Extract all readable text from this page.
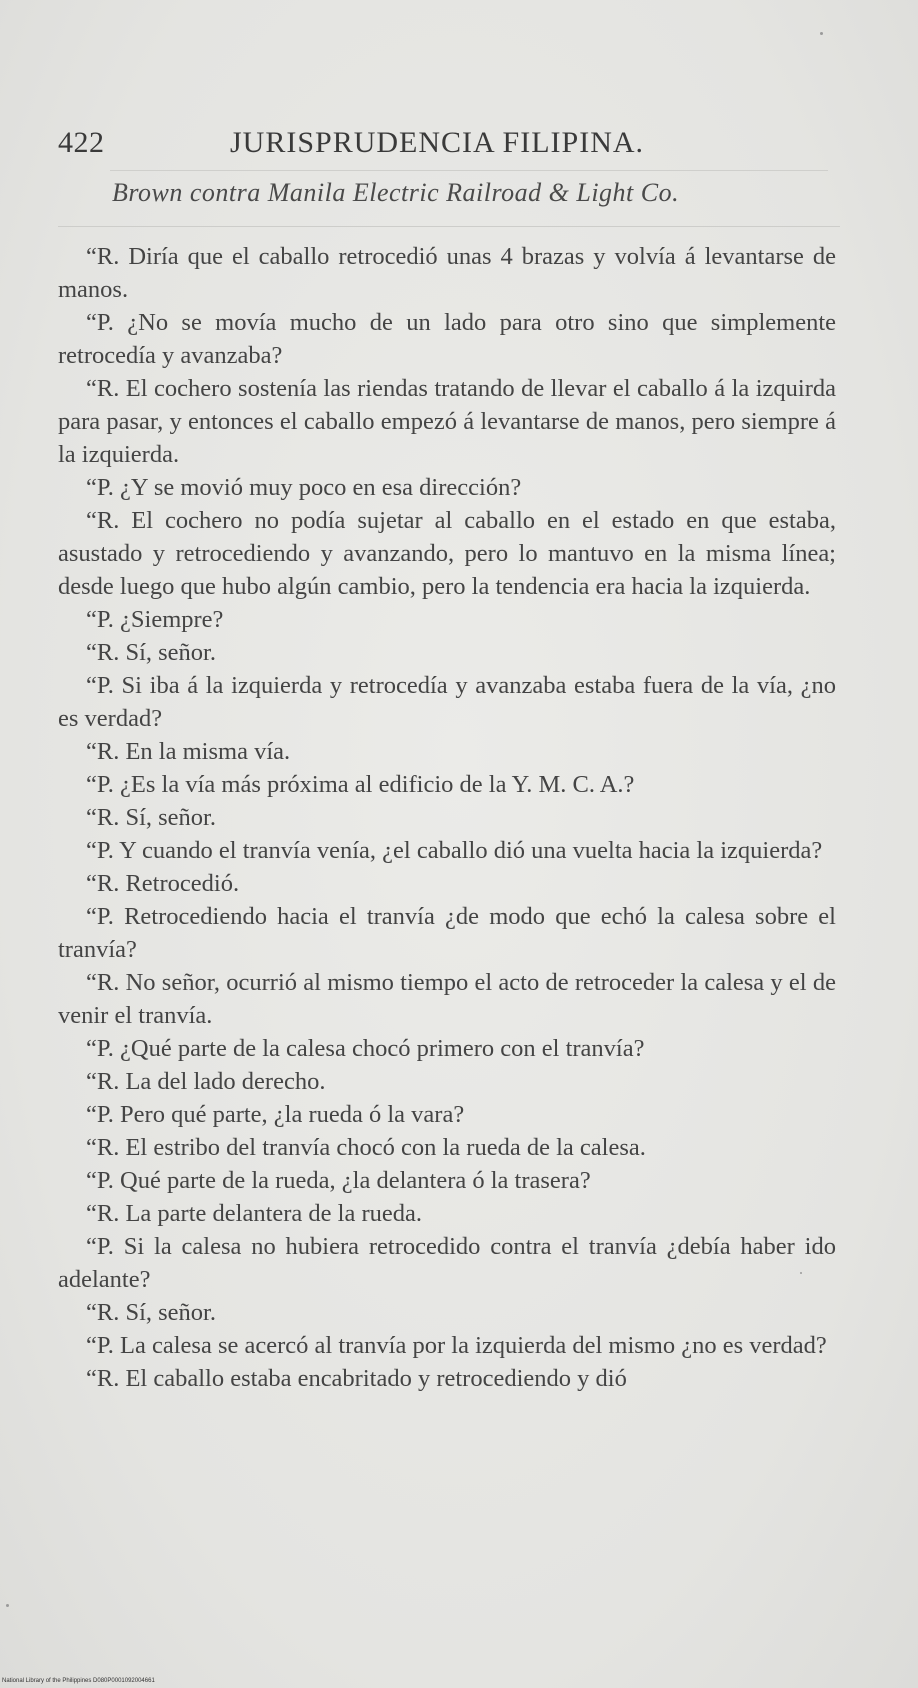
422	JURISPRUDENCIA FILIPINA.
Brown contra Manila Electric Railroad & Light Co.

“R. Diría que el caballo retrocedió unas 4 brazas y volvía á levantarse de manos.

“P. ¿No se movía mucho de un lado para otro sino que simplemente retrocedía y avanzaba?

“R. El cochero sostenía las riendas tratando de llevar el caballo á la izquirda para pasar, y entonces el caballo empezó á levantarse de manos, pero siempre á la izquierda.

“P. ¿Y se movió muy poco en esa dirección?

“R. El cochero no podía sujetar al caballo en el estado en que estaba, asustado y retrocediendo y avanzando, pero lo mantuvo en la misma línea; desde luego que hubo algún cambio, pero la tendencia era hacia la izquierda.

“P. ¿Siempre?

“R. Sí, señor.

“P. Si iba á la izquierda y retrocedía y avanzaba estaba fuera de la vía, ¿no es verdad?

“R. En la misma vía.

“P. ¿Es la vía más próxima al edificio de la Y. M. C. A.?

“R. Sí, señor.

“P. Y cuando el tranvía venía, ¿el caballo dió una vuelta hacia la izquierda?

“R. Retrocedió.

“P. Retrocediendo hacia el tranvía ¿de modo que echó la calesa sobre el tranvía?

“R. No señor, ocurrió al mismo tiempo el acto de retroceder la calesa y el de venir el tranvía.

“P. ¿Qué parte de la calesa chocó primero con el tranvía?

“R. La del lado derecho.

“P. Pero qué parte, ¿la rueda ó la vara?

“R. El estribo del tranvía chocó con la rueda de la calesa.

“P. Qué parte de la rueda, ¿la delantera ó la trasera?

“R. La parte delantera de la rueda.

“P. Si la calesa no hubiera retrocedido contra el tranvía ¿debía haber ido adelante?

“R. Sí, señor.

“P. La calesa se acercó al tranvía por la izquierda del mismo ¿no es verdad?

“R. El caballo estaba encabritado y retrocediendo y dió

National Library of the Philippines D080P0001092004661
